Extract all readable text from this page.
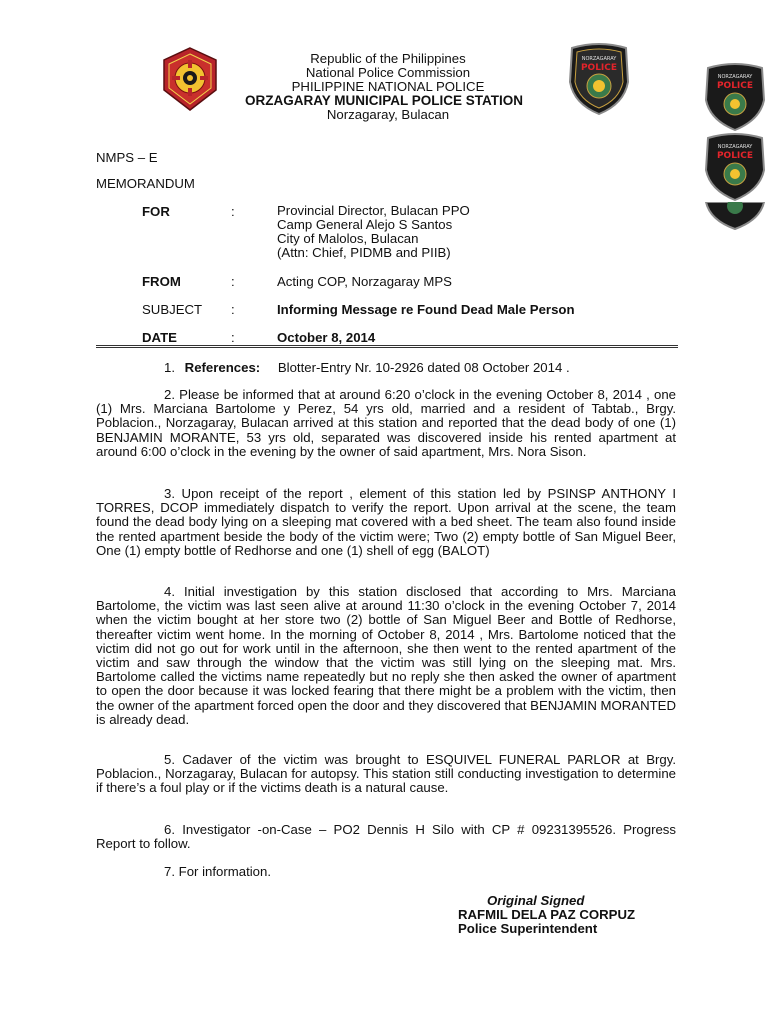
NORZAGARAY
POLICE
NORZAGARAY
POLICE
NORZAGARAY
POLICE
Republic of the Philippines
National Police Commission
PHILIPPINE NATIONAL POLICE
ORZAGARAY MUNICIPAL POLICE STATION
Norzagaray, Bulacan
NMPS – E
MEMORANDUM
FOR	:	Provincial Director, Bulacan PPO
Camp General Alejo S Santos
City of Malolos, Bulacan
(Attn: Chief, PIDMB and PIIB)
FROM	:	Acting COP, Norzagaray MPS
SUBJECT :	Informing Message re Found Dead Male Person
DATE	:	October 8, 2014
1. References: Blotter-Entry Nr. 10-2926 dated 08 October 2014 .
2. Please be informed that at around 6:20 o’clock in the evening October 8, 2014 , one (1) Mrs. Marciana Bartolome y Perez, 54 yrs old, married and a resident of Tabtab., Brgy. Poblacion., Norzagaray, Bulacan arrived at this station and reported that the dead body of one (1) BENJAMIN MORANTE, 53 yrs old, separated was discovered inside his rented apartment at around 6:00 o’clock in the evening by the owner of said apartment, Mrs. Nora Sison.
3. Upon receipt of the report , element of this station led by PSINSP ANTHONY I TORRES, DCOP immediately dispatch to verify the report. Upon arrival at the scene, the team found the dead body lying on a sleeping mat covered with a bed sheet. The team also found inside the rented apartment beside the body of the victim were; Two (2) empty bottle of San Miguel Beer, One (1) empty bottle of Redhorse and one (1) shell of egg (BALOT)
4. Initial investigation by this station disclosed that according to Mrs. Marciana Bartolome, the victim was last seen alive at around 11:30 o’clock in the evening October 7, 2014 when the victim bought at her store two (2) bottle of San Miguel Beer and Bottle of Redhorse, thereafter victim went home. In the morning of October 8, 2014 , Mrs. Bartolome noticed that the victim did not go out for work until in the afternoon, she then went to the rented apartment of the victim and saw through the window that the victim was still lying on the sleeping mat. Mrs. Bartolome called the victims name repeatedly but no reply she then asked the owner of apartment to open the door because it was locked fearing that there might be a problem with the victim, then the owner of the apartment forced open the door and they discovered that BENJAMIN MORANTED is already dead.
5. Cadaver of the victim was brought to ESQUIVEL FUNERAL PARLOR at Brgy. Poblacion., Norzagaray, Bulacan for autopsy. This station still conducting investigation to determine if there’s a foul play or if the victims death is a natural cause.
6. Investigator -on-Case – PO2 Dennis H Silo with CP # 09231395526. Progress Report to follow.
7. For information.
Original Signed
RAFMIL DELA PAZ CORPUZ
Police Superintendent
